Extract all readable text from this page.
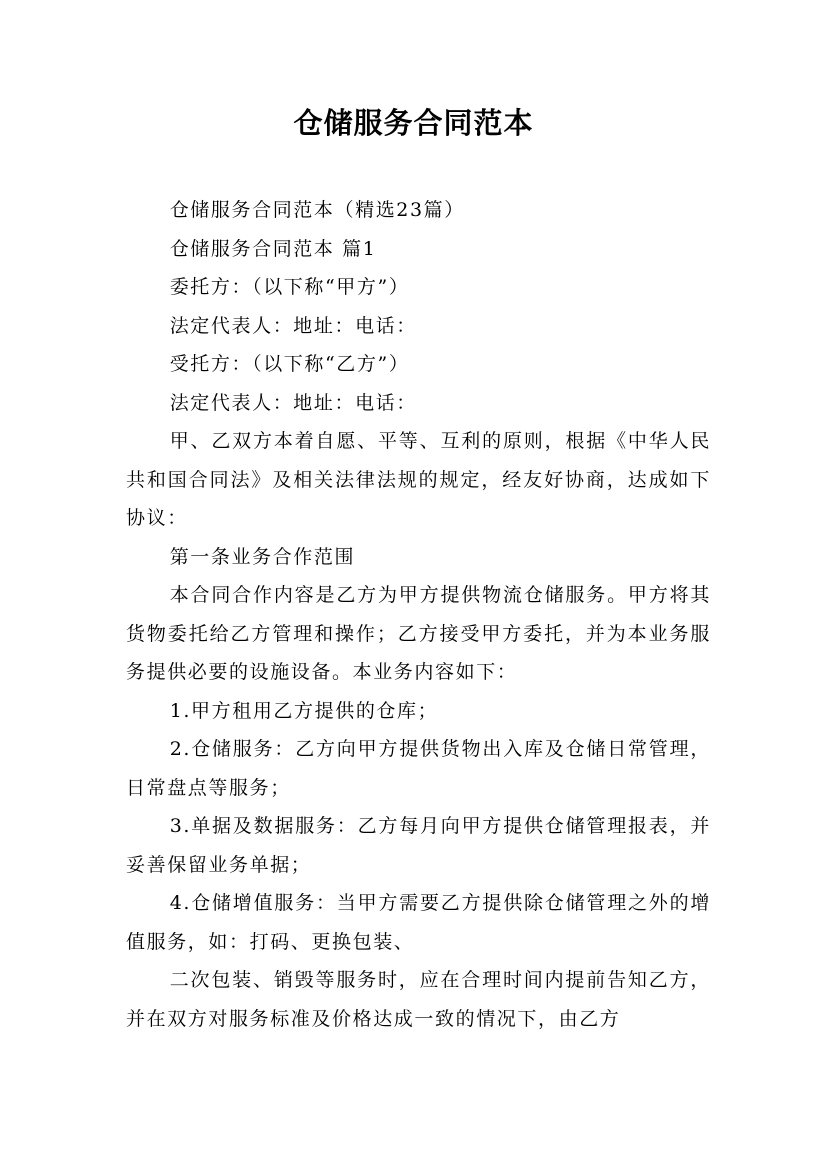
仓储服务合同范本

仓储服务合同范本（精选23篇）

仓储服务合同范本 篇1

委托方：（以下称“甲方”）

法定代表人：地址：电话：

受托方：（以下称“乙方”）

法定代表人：地址：电话：

甲、乙双方本着自愿、平等、互利的原则，根据《中华人民共和国合同法》及相关法律法规的规定，经友好协商，达成如下协议：

第一条业务合作范围

本合同合作内容是乙方为甲方提供物流仓储服务。甲方将其货物委托给乙方管理和操作；乙方接受甲方委托，并为本业务服务提供必要的设施设备。本业务内容如下：

1.甲方租用乙方提供的仓库；

2.仓储服务：乙方向甲方提供货物出入库及仓储日常管理，日常盘点等服务；

3.单据及数据服务：乙方每月向甲方提供仓储管理报表，并妥善保留业务单据；

4.仓储增值服务：当甲方需要乙方提供除仓储管理之外的增值服务，如：打码、更换包装、

二次包装、销毁等服务时，应在合理时间内提前告知乙方，并在双方对服务标准及价格达成一致的情况下，由乙方
